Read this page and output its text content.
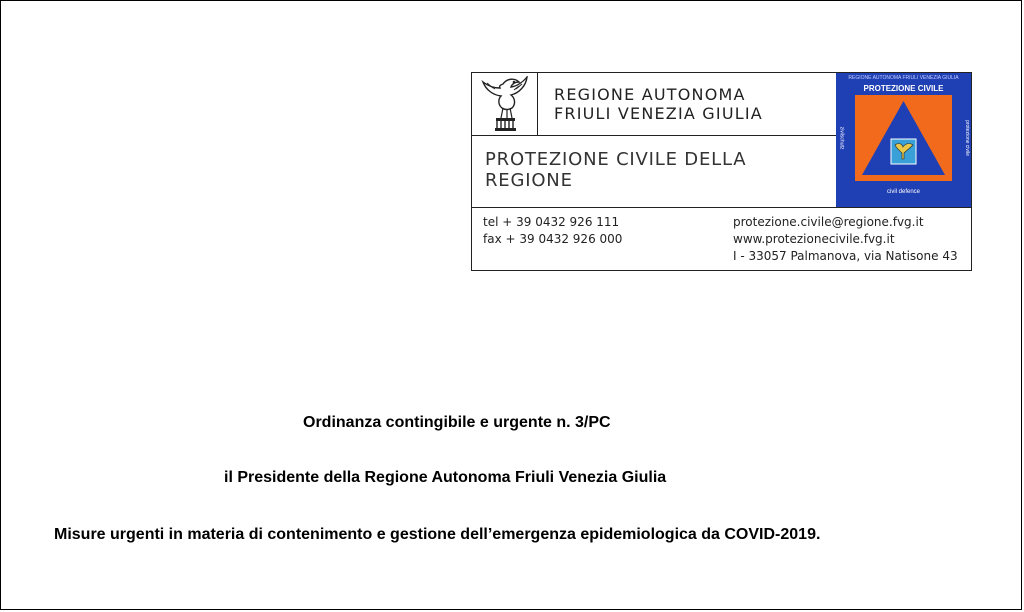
REGIONE AUTONOMA
FRIULI VENEZIA GIULIA
PROTEZIONE CIVILE DELLA REGIONE
REGIONE AUTONOMA FRIULI VENEZIA GIULIA
PROTEZIONE CIVILE
zivilschutz	protezione civile
civil defence
tel + 39 0432 926 111
fax + 39 0432 926 000
protezione.civile@regione.fvg.it
www.protezionecivile.fvg.it
I - 33057 Palmanova, via Natisone 43
Ordinanza contingibile e urgente n. 3/PC
il Presidente della Regione Autonoma Friuli Venezia Giulia
Misure urgenti in materia di contenimento e gestione dell’emergenza epidemiologica da COVID-2019.
